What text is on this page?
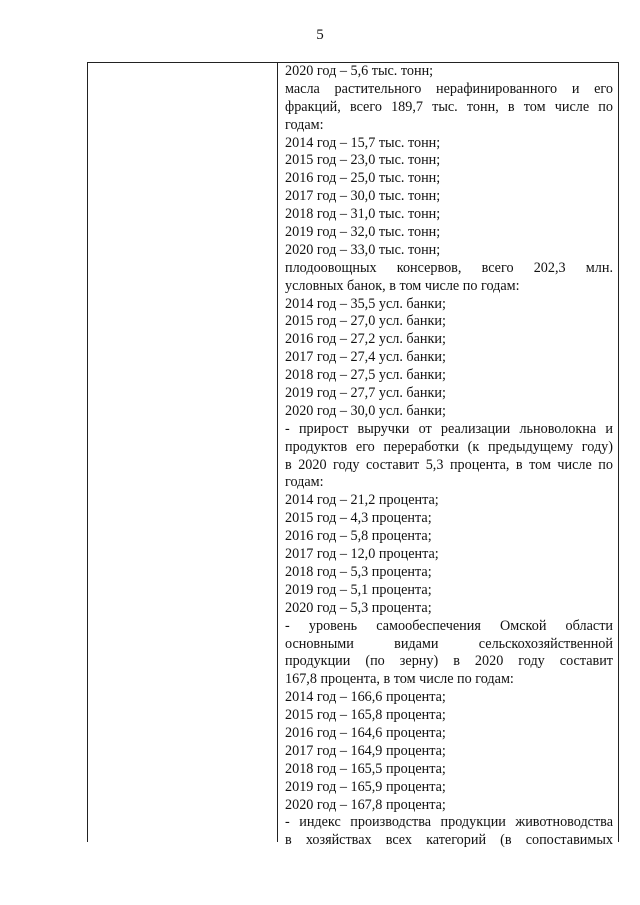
5
2020 год – 5,6 тыс. тонн;
масла растительного нерафинированного и его
фракций, всего 189,7 тыс. тонн, в том числе по
годам:
2014 год – 15,7 тыс. тонн;
2015 год – 23,0 тыс. тонн;
2016 год – 25,0 тыс. тонн;
2017 год – 30,0 тыс. тонн;
2018 год – 31,0 тыс. тонн;
2019 год – 32,0 тыс. тонн;
2020 год – 33,0 тыс. тонн;
плодоовощных консервов, всего 202,3 млн.
условных банок, в том числе по годам:
2014 год – 35,5 усл. банки;
2015 год – 27,0 усл. банки;
2016 год – 27,2 усл. банки;
2017 год – 27,4 усл. банки;
2018 год – 27,5 усл. банки;
2019 год – 27,7 усл. банки;
2020 год – 30,0 усл. банки;
- прирост выручки от реализации льноволокна и
продуктов его переработки (к предыдущему году)
в 2020 году составит 5,3 процента, в том числе по
годам:
2014 год – 21,2 процента;
2015 год – 4,3 процента;
2016 год – 5,8 процента;
2017 год – 12,0 процента;
2018 год – 5,3 процента;
2019 год – 5,1 процента;
2020 год – 5,3 процента;
- уровень самообеспечения Омской области
основными видами сельскохозяйственной
продукции (по зерну) в 2020 году составит
167,8 процента, в том числе по годам:
2014 год – 166,6 процента;
2015 год – 165,8 процента;
2016 год – 164,6 процента;
2017 год – 164,9 процента;
2018 год – 165,5 процента;
2019 год – 165,9 процента;
2020 год – 167,8 процента;
- индекс производства продукции животноводства
в хозяйствах всех категорий (в сопоставимых
